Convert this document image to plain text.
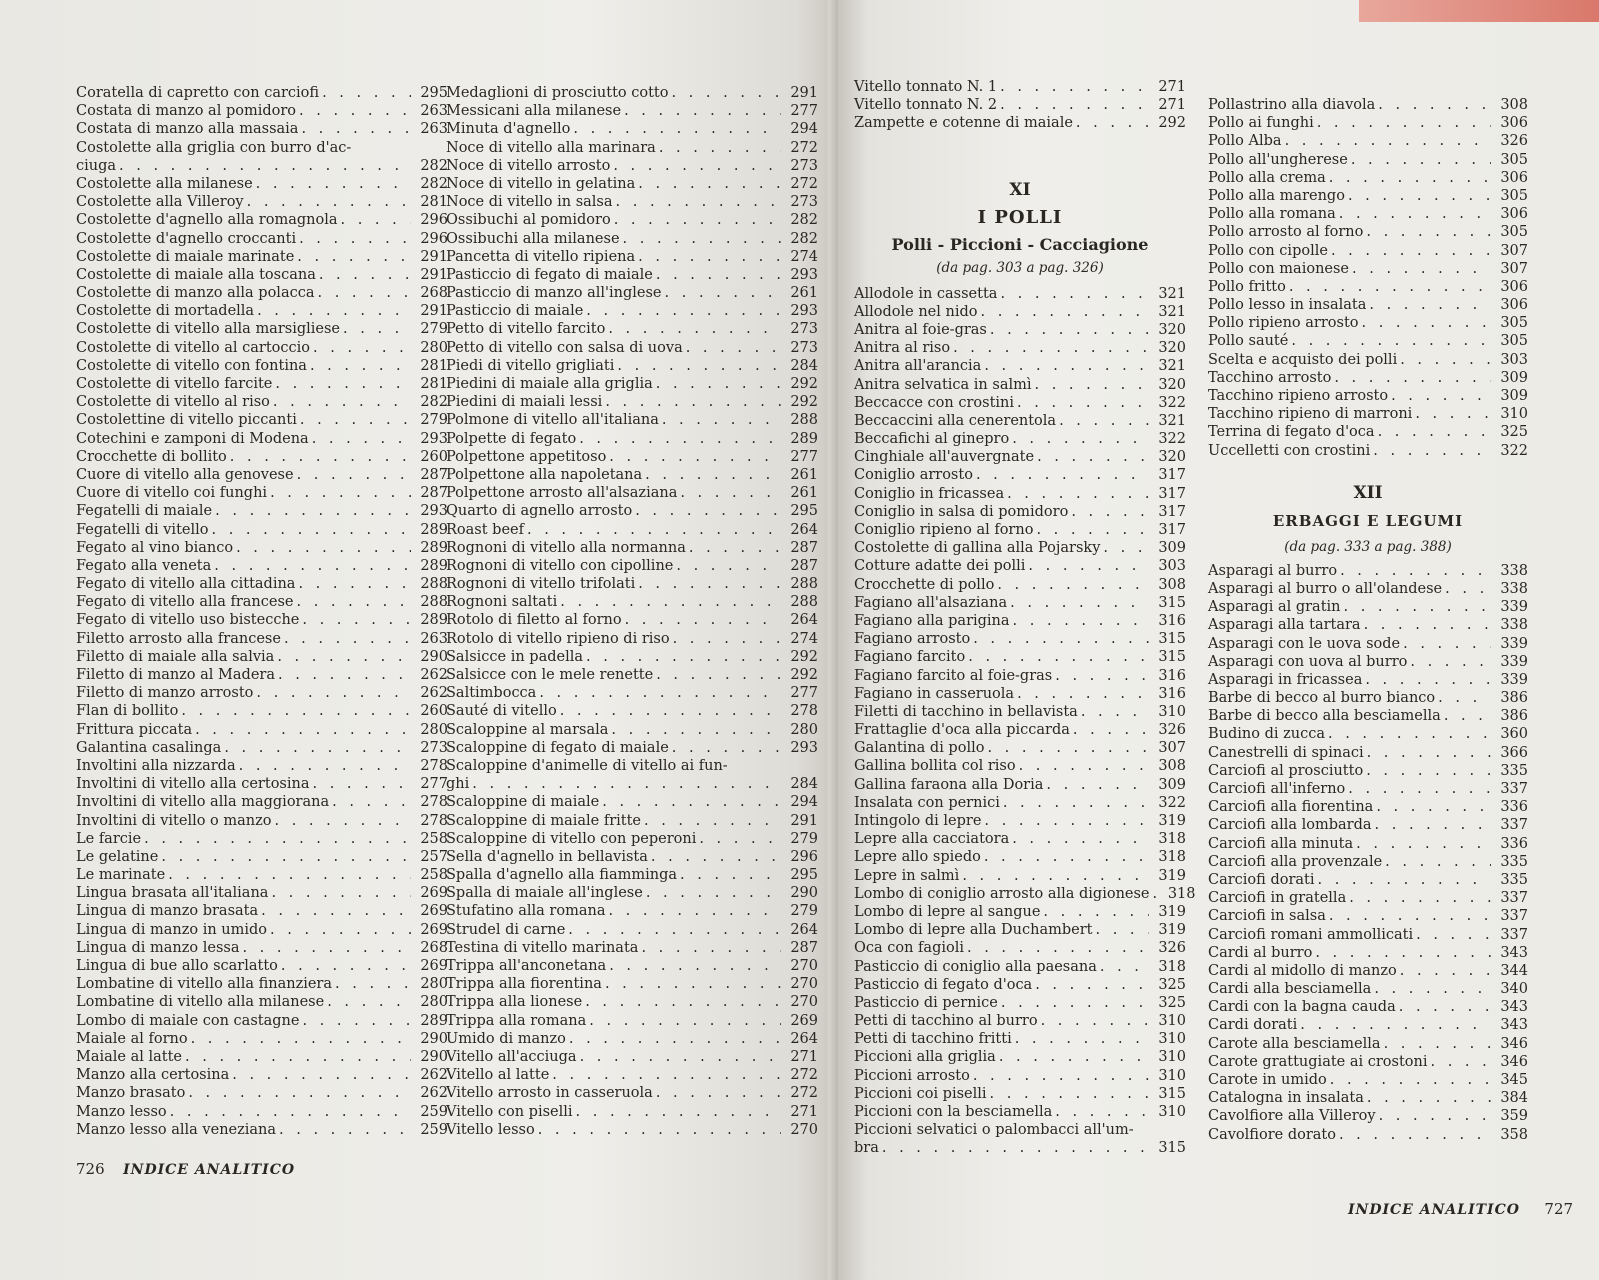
Coratella di capretto con carciofi . . .	295
Costata di manzo al pomidoro . . .	263
Costata di manzo alla massaia . . .	263
Costolette alla griglia con burro d'ac-
ciuga . . .	282
Costolette alla milanese . . .	282
Costolette alla Villeroy . . .	281
Costolette d'agnello alla romagnola . . .	296
Costolette d'agnello croccanti . . .	296
Costolette di maiale marinate . . .	291
Costolette di maiale alla toscana . . .	291
Costolette di manzo alla polacca . . .	268
Costolette di mortadella . . .	291
Costolette di vitello alla marsigliese . . .	279
Costolette di vitello al cartoccio . . .	280
Costolette di vitello con fontina . . .	281
Costolette di vitello farcite . . .	281
Costolette di vitello al riso . . .	282
Costolettine di vitello piccanti . . .	279
Cotechini e zamponi di Modena . . .	293
Crocchette di bollito . . .	260
Cuore di vitello alla genovese . . .	287
Cuore di vitello coi funghi . . .	287
Fegatelli di maiale . . .	293
Fegatelli di vitello . . .	289
Fegato al vino bianco . . .	289
Fegato alla veneta . . .	289
Fegato di vitello alla cittadina . . .	288
Fegato di vitello alla francese . . .	288
Fegato di vitello uso bistecche . . .	289
Filetto arrosto alla francese . . .	263
Filetto di maiale alla salvia . . .	290
Filetto di manzo al Madera . . .	262
Filetto di manzo arrosto . . .	262
Flan di bollito . . .	260
Frittura piccata . . .	280
Galantina casalinga . . .	273
Involtini alla nizzarda . . .	278
Involtini di vitello alla certosina . . .	277
Involtini di vitello alla maggiorana . . .	278
Involtini di vitello o manzo . . .	278
Le farcie . . .	258
Le gelatine . . .	257
Le marinate . . .	258
Lingua brasata all'italiana . . .	269
Lingua di manzo brasata . . .	269
Lingua di manzo in umido . . .	269
Lingua di manzo lessa . . .	268
Lingua di bue allo scarlatto . . .	269
Lombatine di vitello alla finanziera . . .	280
Lombatine di vitello alla milanese . . .	280
Lombo di maiale con castagne . . .	289
Maiale al forno . . .	290
Maiale al latte . . .	290
Manzo alla certosina . . .	262
Manzo brasato . . .	262
Manzo lesso . . .	259
Manzo lesso alla veneziana . . .	259
Medaglioni di prosciutto cotto . . .	291
Messicani alla milanese . . .	277
Minuta d'agnello . . .	294
Noce di vitello alla marinara . . .	272
Noce di vitello arrosto . . .	273
Noce di vitello in gelatina . . .	272
Noce di vitello in salsa . . .	273
Ossibuchi al pomidoro . . .	282
Ossibuchi alla milanese . . .	282
Pancetta di vitello ripiena . . .	274
Pasticcio di fegato di maiale . . .	293
Pasticcio di manzo all'inglese . . .	261
Pasticcio di maiale . . .	293
Petto di vitello farcito . . .	273
Petto di vitello con salsa di uova . . .	273
Piedi di vitello grigliati . . .	284
Piedini di maiale alla griglia . . .	292
Piedini di maiali lessi . . .	292
Polmone di vitello all'italiana . . .	288
Polpette di fegato . . .	289
Polpettone appetitoso . . .	277
Polpettone alla napoletana . . .	261
Polpettone arrosto all'alsaziana . . .	261
Quarto di agnello arrosto . . .	295
Roast beef . . .	264
Rognoni di vitello alla normanna . . .	287
Rognoni di vitello con cipolline . . .	287
Rognoni di vitello trifolati . . .	288
Rognoni saltati . . .	288
Rotolo di filetto al forno . . .	264
Rotolo di vitello ripieno di riso . . .	274
Salsicce in padella . . .	292
Salsicce con le mele renette . . .	292
Saltimbocca . . .	277
Sauté di vitello . . .	278
Scaloppine al marsala . . .	280
Scaloppine di fegato di maiale . . .	293
Scaloppine d'animelle di vitello ai fun-
ghi . . .	284
Scaloppine di maiale . . .	294
Scaloppine di maiale fritte . . .	291
Scaloppine di vitello con peperoni . . .	279
Sella d'agnello in bellavista . . .	296
Spalla d'agnello alla fiamminga . . .	295
Spalla di maiale all'inglese . . .	290
Stufatino alla romana . . .	279
Strudel di carne . . .	264
Testina di vitello marinata . . .	287
Trippa all'anconetana . . .	270
Trippa alla fiorentina . . .	270
Trippa alla lionese . . .	270
Trippa alla romana . . .	269
Umido di manzo . . .	264
Vitello all'acciuga . . .	271
Vitello al latte . . .	272
Vitello arrosto in casseruola . . .	272
Vitello con piselli . . .	271
Vitello lesso . . .	270
726 INDICE ANALITICO
Vitello tonnato N. 1 . . .	271
Vitello tonnato N. 2 . . .	271
Zampette e cotenne di maiale . . .	292
XI
I POLLI
Polli - Piccioni - Cacciagione
(da pag. 303 a pag. 326)
Allodole in cassetta . . .	321
Allodole nel nido . . .	321
Anitra al foie-gras . . .	320
Anitra al riso . . .	320
Anitra all'arancia . . .	321
Anitra selvatica in salmì . . .	320
Beccacce con crostini . . .	322
Beccaccini alla cenerentola . . .	321
Beccafichi al ginepro . . .	322
Cinghiale all'auvergnate . . .	320
Coniglio arrosto . . .	317
Coniglio in fricassea . . .	317
Coniglio in salsa di pomidoro . . .	317
Coniglio ripieno al forno . . .	317
Costolette di gallina alla Pojarsky . . .	309
Cotture adatte dei polli . . .	303
Crocchette di pollo . . .	308
Fagiano all'alsaziana . . .	315
Fagiano alla parigina . . .	316
Fagiano arrosto . . .	315
Fagiano farcito . . .	315
Fagiano farcito al foie-gras . . .	316
Fagiano in casseruola . . .	316
Filetti di tacchino in bellavista . . .	310
Frattaglie d'oca alla piccarda . . .	326
Galantina di pollo . . .	307
Gallina bollita col riso . . .	308
Gallina faraona alla Doria . . .	309
Insalata con pernici . . .	322
Intingolo di lepre . . .	319
Lepre alla cacciatora . . .	318
Lepre allo spiedo . . .	318
Lepre in salmì . . .	319
Lombo di coniglio arrosto alla digionese . . .	318
Lombo di lepre al sangue . . .	319
Lombo di lepre alla Duchambert . . .	319
Oca con fagioli . . .	326
Pasticcio di coniglio alla paesana . . .	318
Pasticcio di fegato d'oca . . .	325
Pasticcio di pernice . . .	325
Petti di tacchino al burro . . .	310
Petti di tacchino fritti . . .	310
Piccioni alla griglia . . .	310
Piccioni arrosto . . .	310
Piccioni coi piselli . . .	315
Piccioni con la besciamella . . .	310
Piccioni selvatici o palombacci all'um-
bra . . .	315
Pollastrino alla diavola . . .	308
Pollo ai funghi . . .	306
Pollo Alba . . .	326
Pollo all'ungherese . . .	305
Pollo alla crema . . .	306
Pollo alla marengo . . .	305
Pollo alla romana . . .	306
Pollo arrosto al forno . . .	305
Pollo con cipolle . . .	307
Pollo con maionese . . .	307
Pollo fritto . . .	306
Pollo lesso in insalata . . .	306
Pollo ripieno arrosto . . .	305
Pollo sauté . . .	305
Scelta e acquisto dei polli . . .	303
Tacchino arrosto . . .	309
Tacchino ripieno arrosto . . .	309
Tacchino ripieno di marroni . . .	310
Terrina di fegato d'oca . . .	325
Uccelletti con crostini . . .	322
XII
ERBAGGI E LEGUMI
(da pag. 333 a pag. 388)
Asparagi al burro . . .	338
Asparagi al burro o all'olandese . . .	338
Asparagi al gratin . . .	339
Asparagi alla tartara . . .	338
Asparagi con le uova sode . . .	339
Asparagi con uova al burro . . .	339
Asparagi in fricassea . . .	339
Barbe di becco al burro bianco . . .	386
Barbe di becco alla besciamella . . .	386
Budino di zucca . . .	360
Canestrelli di spinaci . . .	366
Carciofi al prosciutto . . .	335
Carciofi all'inferno . . .	337
Carciofi alla fiorentina . . .	336
Carciofi alla lombarda . . .	337
Carciofi alla minuta . . .	336
Carciofi alla provenzale . . .	335
Carciofi dorati . . .	335
Carciofi in gratella . . .	337
Carciofi in salsa . . .	337
Carciofi romani ammollicati . . .	337
Cardi al burro . . .	343
Cardi al midollo di manzo . . .	344
Cardi alla besciamella . . .	340
Cardi con la bagna cauda . . .	343
Cardi dorati . . .	343
Carote alla besciamella . . .	346
Carote grattugiate ai crostoni . . .	346
Carote in umido . . .	345
Catalogna in insalata . . .	384
Cavolfiore alla Villeroy . . .	359
Cavolfiore dorato . . .	358
INDICE ANALITICO 727
